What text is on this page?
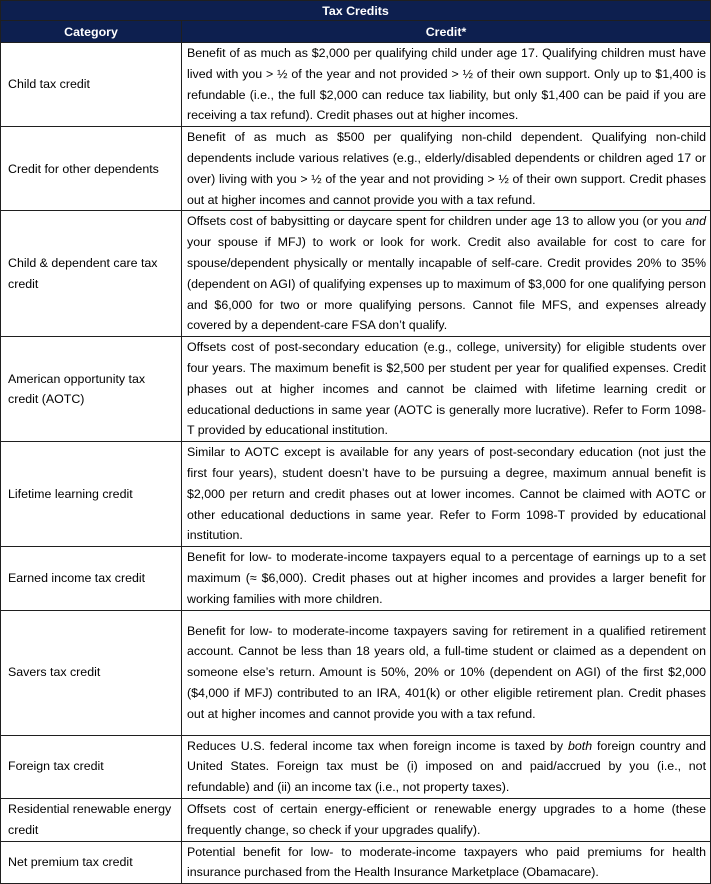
Tax Credits	
Category	Credit*
Child tax credit	Benefit of as much as $2,000 per qualifying child under age 17. Qualifying children must have lived with you > ½ of the year and not provided > ½ of their own support. Only up to $1,400 is refundable (i.e., the full $2,000 can reduce tax liability, but only $1,400 can be paid if you are receiving a tax refund). Credit phases out at higher incomes.
Credit for other dependents	Benefit of as much as $500 per qualifying non-child dependent. Qualifying non-child dependents include various relatives (e.g., elderly/disabled dependents or children aged 17 or over) living with you > ½ of the year and not providing > ½ of their own support. Credit phases out at higher incomes and cannot provide you with a tax refund.
Child & dependent care tax credit	Offsets cost of babysitting or daycare spent for children under age 13 to allow you (or you and your spouse if MFJ) to work or look for work. Credit also available for cost to care for spouse/dependent physically or mentally incapable of self-care. Credit provides 20% to 35% (dependent on AGI) of qualifying expenses up to maximum of $3,000 for one qualifying person and $6,000 for two or more qualifying persons. Cannot file MFS, and expenses already covered by a dependent-care FSA don’t qualify.
American opportunity tax credit (AOTC)	Offsets cost of post-secondary education (e.g., college, university) for eligible students over four years. The maximum benefit is $2,500 per student per year for qualified expenses. Credit phases out at higher incomes and cannot be claimed with lifetime learning credit or educational deductions in same year (AOTC is generally more lucrative). Refer to Form 1098-T provided by educational institution.
Lifetime learning credit	Similar to AOTC except is available for any years of post-secondary education (not just the first four years), student doesn’t have to be pursuing a degree, maximum annual benefit is $2,000 per return and credit phases out at lower incomes. Cannot be claimed with AOTC or other educational deductions in same year. Refer to Form 1098-T provided by educational institution.
Earned income tax credit	Benefit for low- to moderate-income taxpayers equal to a percentage of earnings up to a set maximum (≈ $6,000). Credit phases out at higher incomes and provides a larger benefit for working families with more children.
Savers tax credit	Benefit for low- to moderate-income taxpayers saving for retirement in a qualified retirement account. Cannot be less than 18 years old, a full-time student or claimed as a dependent on someone else’s return. Amount is 50%, 20% or 10% (dependent on AGI) of the first $2,000 ($4,000 if MFJ) contributed to an IRA, 401(k) or other eligible retirement plan. Credit phases out at higher incomes and cannot provide you with a tax refund.
Foreign tax credit	Reduces U.S. federal income tax when foreign income is taxed by both foreign country and United States. Foreign tax must be (i) imposed on and paid/accrued by you (i.e., not refundable) and (ii) an income tax (i.e., not property taxes).
Residential renewable energy credit	Offsets cost of certain energy-efficient or renewable energy upgrades to a home (these frequently change, so check if your upgrades qualify).
Net premium tax credit	Potential benefit for low- to moderate-income taxpayers who paid premiums for health insurance purchased from the Health Insurance Marketplace (Obamacare).
